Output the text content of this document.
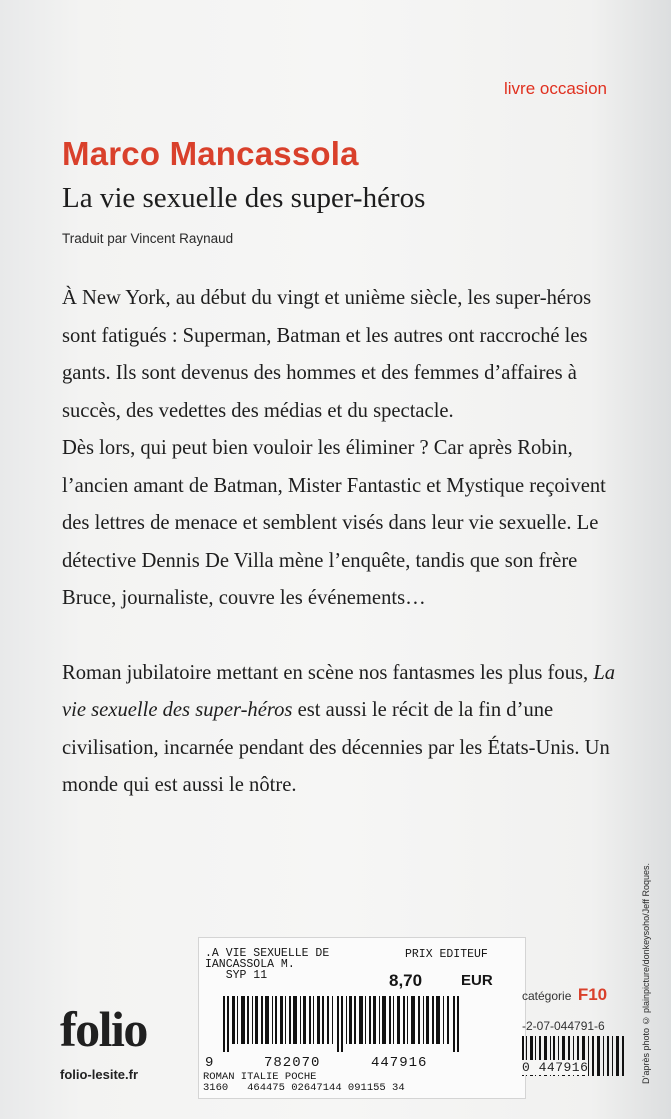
livre occasion
Marco Mancassola
La vie sexuelle des super-héros
Traduit par Vincent Raynaud

À New York, au début du vingt et unième siècle, les super-héros sont fatigués : Superman, Batman et les autres ont raccroché les gants. Ils sont devenus des hommes et des femmes d’affaires à succès, des vedettes des médias et du spectacle.

Dès lors, qui peut bien vouloir les éliminer ? Car après Robin, l’ancien amant de Batman, Mister Fantastic et Mystique reçoivent des lettres de menace et semblent visés dans leur vie sexuelle. Le détective Dennis De Villa mène l’enquête, tandis que son frère Bruce, journaliste, couvre les événements…

Roman jubilatoire mettant en scène nos fantasmes les plus fous, La vie sexuelle des super-héros est aussi le récit de la fin d’une civilisation, incarnée pendant des décennies par les États-Unis. Un monde qui est aussi le nôtre.

D’après photo © plainpicture/donkeysoho/Jeff Roques.
folio
folio-lesite.fr
.A VIE SEXUELLE DE
IANCASSOLA M.
SYP 11
PRIX EDITEUF
8,70	EUR
9	782070	447916
ROMAN ITALIE POCHE
3160   464475 02647144 091155 34
catégorie F10
-2-07-044791-6
0 447916
